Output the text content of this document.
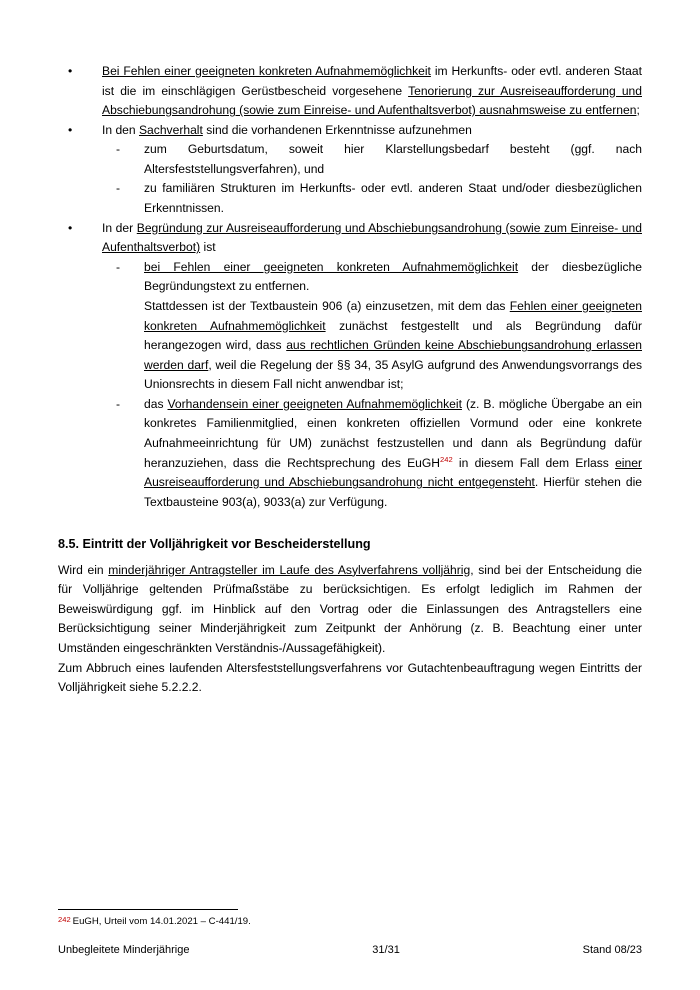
• Bei Fehlen einer geeigneten konkreten Aufnahmemöglichkeit im Herkunfts- oder evtl. anderen Staat ist die im einschlägigen Gerüstbescheid vorgesehene Tenorierung zur Ausreiseaufforderung und Abschiebungsandrohung (sowie zum Einreise- und Aufenthaltsverbot) ausnahmsweise zu entfernen;

• In den Sachverhalt sind die vorhandenen Erkenntnisse aufzunehmen

- zum Geburtsdatum, soweit hier Klarstellungsbedarf besteht (ggf. nach Altersfeststellungsverfahren), und

- zu familiären Strukturen im Herkunfts- oder evtl. anderen Staat und/oder diesbezüglichen Erkenntnissen.

• In der Begründung zur Ausreiseaufforderung und Abschiebungsandrohung (sowie zum Einreise- und Aufenthaltsverbot) ist

- bei Fehlen einer geeigneten konkreten Aufnahmemöglichkeit der diesbezügliche Begründungstext zu entfernen.

Stattdessen ist der Textbaustein 906 (a) einzusetzen, mit dem das Fehlen einer geeigneten konkreten Aufnahmemöglichkeit zunächst festgestellt und als Begründung dafür herangezogen wird, dass aus rechtlichen Gründen keine Abschiebungsandrohung erlassen werden darf, weil die Regelung der §§ 34, 35 AsylG aufgrund des Anwendungsvorrangs des Unionsrechts in diesem Fall nicht anwendbar ist;

- das Vorhandensein einer geeigneten Aufnahmemöglichkeit (z. B. mögliche Übergabe an ein konkretes Familienmitglied, einen konkreten offiziellen Vormund oder eine konkrete Aufnahmeeinrichtung für UM) zunächst festzustellen und dann als Begründung dafür heranzuziehen, dass die Rechtsprechung des EuGH$^{242}$ in diesem Fall dem Erlass einer Ausreiseaufforderung und Abschiebungsandrohung nicht entgegensteht. Hierfür stehen die Textbausteine 903(a), 9033(a) zur Verfügung.

8.5. Eintritt der Volljährigkeit vor Bescheiderstellung

Wird ein minderjähriger Antragsteller im Laufe des Asylverfahrens volljährig, sind bei der Entscheidung die für Volljährige geltenden Prüfmaßstäbe zu berücksichtigen. Es erfolgt lediglich im Rahmen der Beweiswürdigung ggf. im Hinblick auf den Vortrag oder die Einlassungen des Antragstellers eine Berücksichtigung seiner Minderjährigkeit zum Zeitpunkt der Anhörung (z. B. Beachtung einer unter Umständen eingeschränkten Verständnis-/Aussagefähigkeit).

Zum Abbruch eines laufenden Altersfeststellungsverfahrens vor Gutachtenbeauftragung wegen Eintritts der Volljährigkeit siehe 5.2.2.2.

242 EuGH, Urteil vom 14.01.2021 – C-441/19.
Unbegleitete Minderjährige	31/31	Stand 08/23
